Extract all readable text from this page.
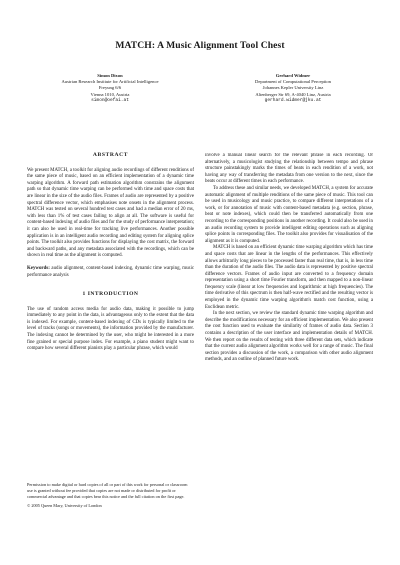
MATCH: A Music Alignment Tool Chest
Simon Dixon
Austrian Research Institute for Artificial Intelligence
Freyung 6/6
Vienna 1010, Austria
simon@oefai.at
Gerhard Widmer
Department of Computational Perception
Johannes Kepler University Linz
Altenberger Str 69, A-4040 Linz, Austria
gerhard.widmer@jku.at
ABSTRACT

We present MATCH, a toolkit for aligning audio recordings of different renditions of the same piece of music, based on an efficient implementation of a dynamic time warping algorithm. A forward path estimation algorithm constrains the alignment path so that dynamic time warping can be performed with time and space costs that are linear in the size of the audio files. Frames of audio are represented by a positive spectral difference vector, which emphasises note onsets in the alignment process. MATCH was tested on several hundred test cases and had a median error of 20 ms, with less than 1% of test cases failing to align at all. The software is useful for content-based indexing of audio files and for the study of performance interpretation; it can also be used in real-time for tracking live performances. Another possible application is in an intelligent audio recording and editing system for aligning splice points. The toolkit also provides functions for displaying the cost matrix, the forward and backward paths, and any metadata associated with the recordings, which can be shown in real time as the alignment is computed.

Keywords: audio alignment, content-based indexing, dynamic time warping, music performance analysis

1 INTRODUCTION

The use of random access media for audio data, making it possible to jump immediately to any point in the data, is advantageous only to the extent that the data is indexed. For example, content-based indexing of CDs is typically limited to the level of tracks (songs or movements), the information provided by the manufacturer. The indexing cannot be determined by the user, who might be interested in a more fine grained or special purpose index. For example, a piano student might want to compare how several different pianists play a particular phrase, which would

Permission to make digital or hard copies of all or part of this work for personal or classroom use is granted without fee provided that copies are not made or distributed for profit or commercial advantage and that copies bear this notice and the full citation on the first page.

© 2005 Queen Mary, University of London

involve a manual linear search for the relevant phrase in each recording. Or alternatively, a musicologist studying the relationship between tempo and phrase structure painstakingly marks the times of beats in each rendition of a work, not having any way of transferring the metadata from one version to the next, since the beats occur at different times in each performance.

To address these and similar needs, we developed MATCH, a system for accurate automatic alignment of multiple renditions of the same piece of music. This tool can be used in musicology and music practice, to compare different interpretations of a work, or for annotation of music with content-based metadata (e.g. section, phrase, beat or note indexes), which could then be transferred automatically from one recording to the corresponding positions in another recording. It could also be used in an audio recording system to provide intelligent editing operations such as aligning splice points in corresponding files. The toolkit also provides for visualisation of the alignment as it is computed.

MATCH is based on an efficient dynamic time warping algorithm which has time and space costs that are linear in the lengths of the performances. This effectively allows arbitrarily long pieces to be processed faster than real time, that is, in less time than the duration of the audio files. The audio data is represented by positive spectral difference vectors. Frames of audio input are converted to a frequency domain representation using a short time Fourier transform, and then mapped to a non-linear frequency scale (linear at low frequencies and logarithmic at high frequencies). The time derivative of this spectrum is then half-wave rectified and the resulting vector is employed in the dynamic time warping algorithm's match cost function, using a Euclidean metric.

In the next section, we review the standard dynamic time warping algorithm and describe the modifications necessary for an efficient implementation. We also present the cost function used to evaluate the similarity of frames of audio data. Section 3 contains a description of the user interface and implementation details of MATCH. We then report on the results of testing with three different data sets, which indicate that the current audio alignment algorithm works well for a range of music. The final section provides a discussion of the work, a comparison with other audio alignment methods, and an outline of planned future work.
